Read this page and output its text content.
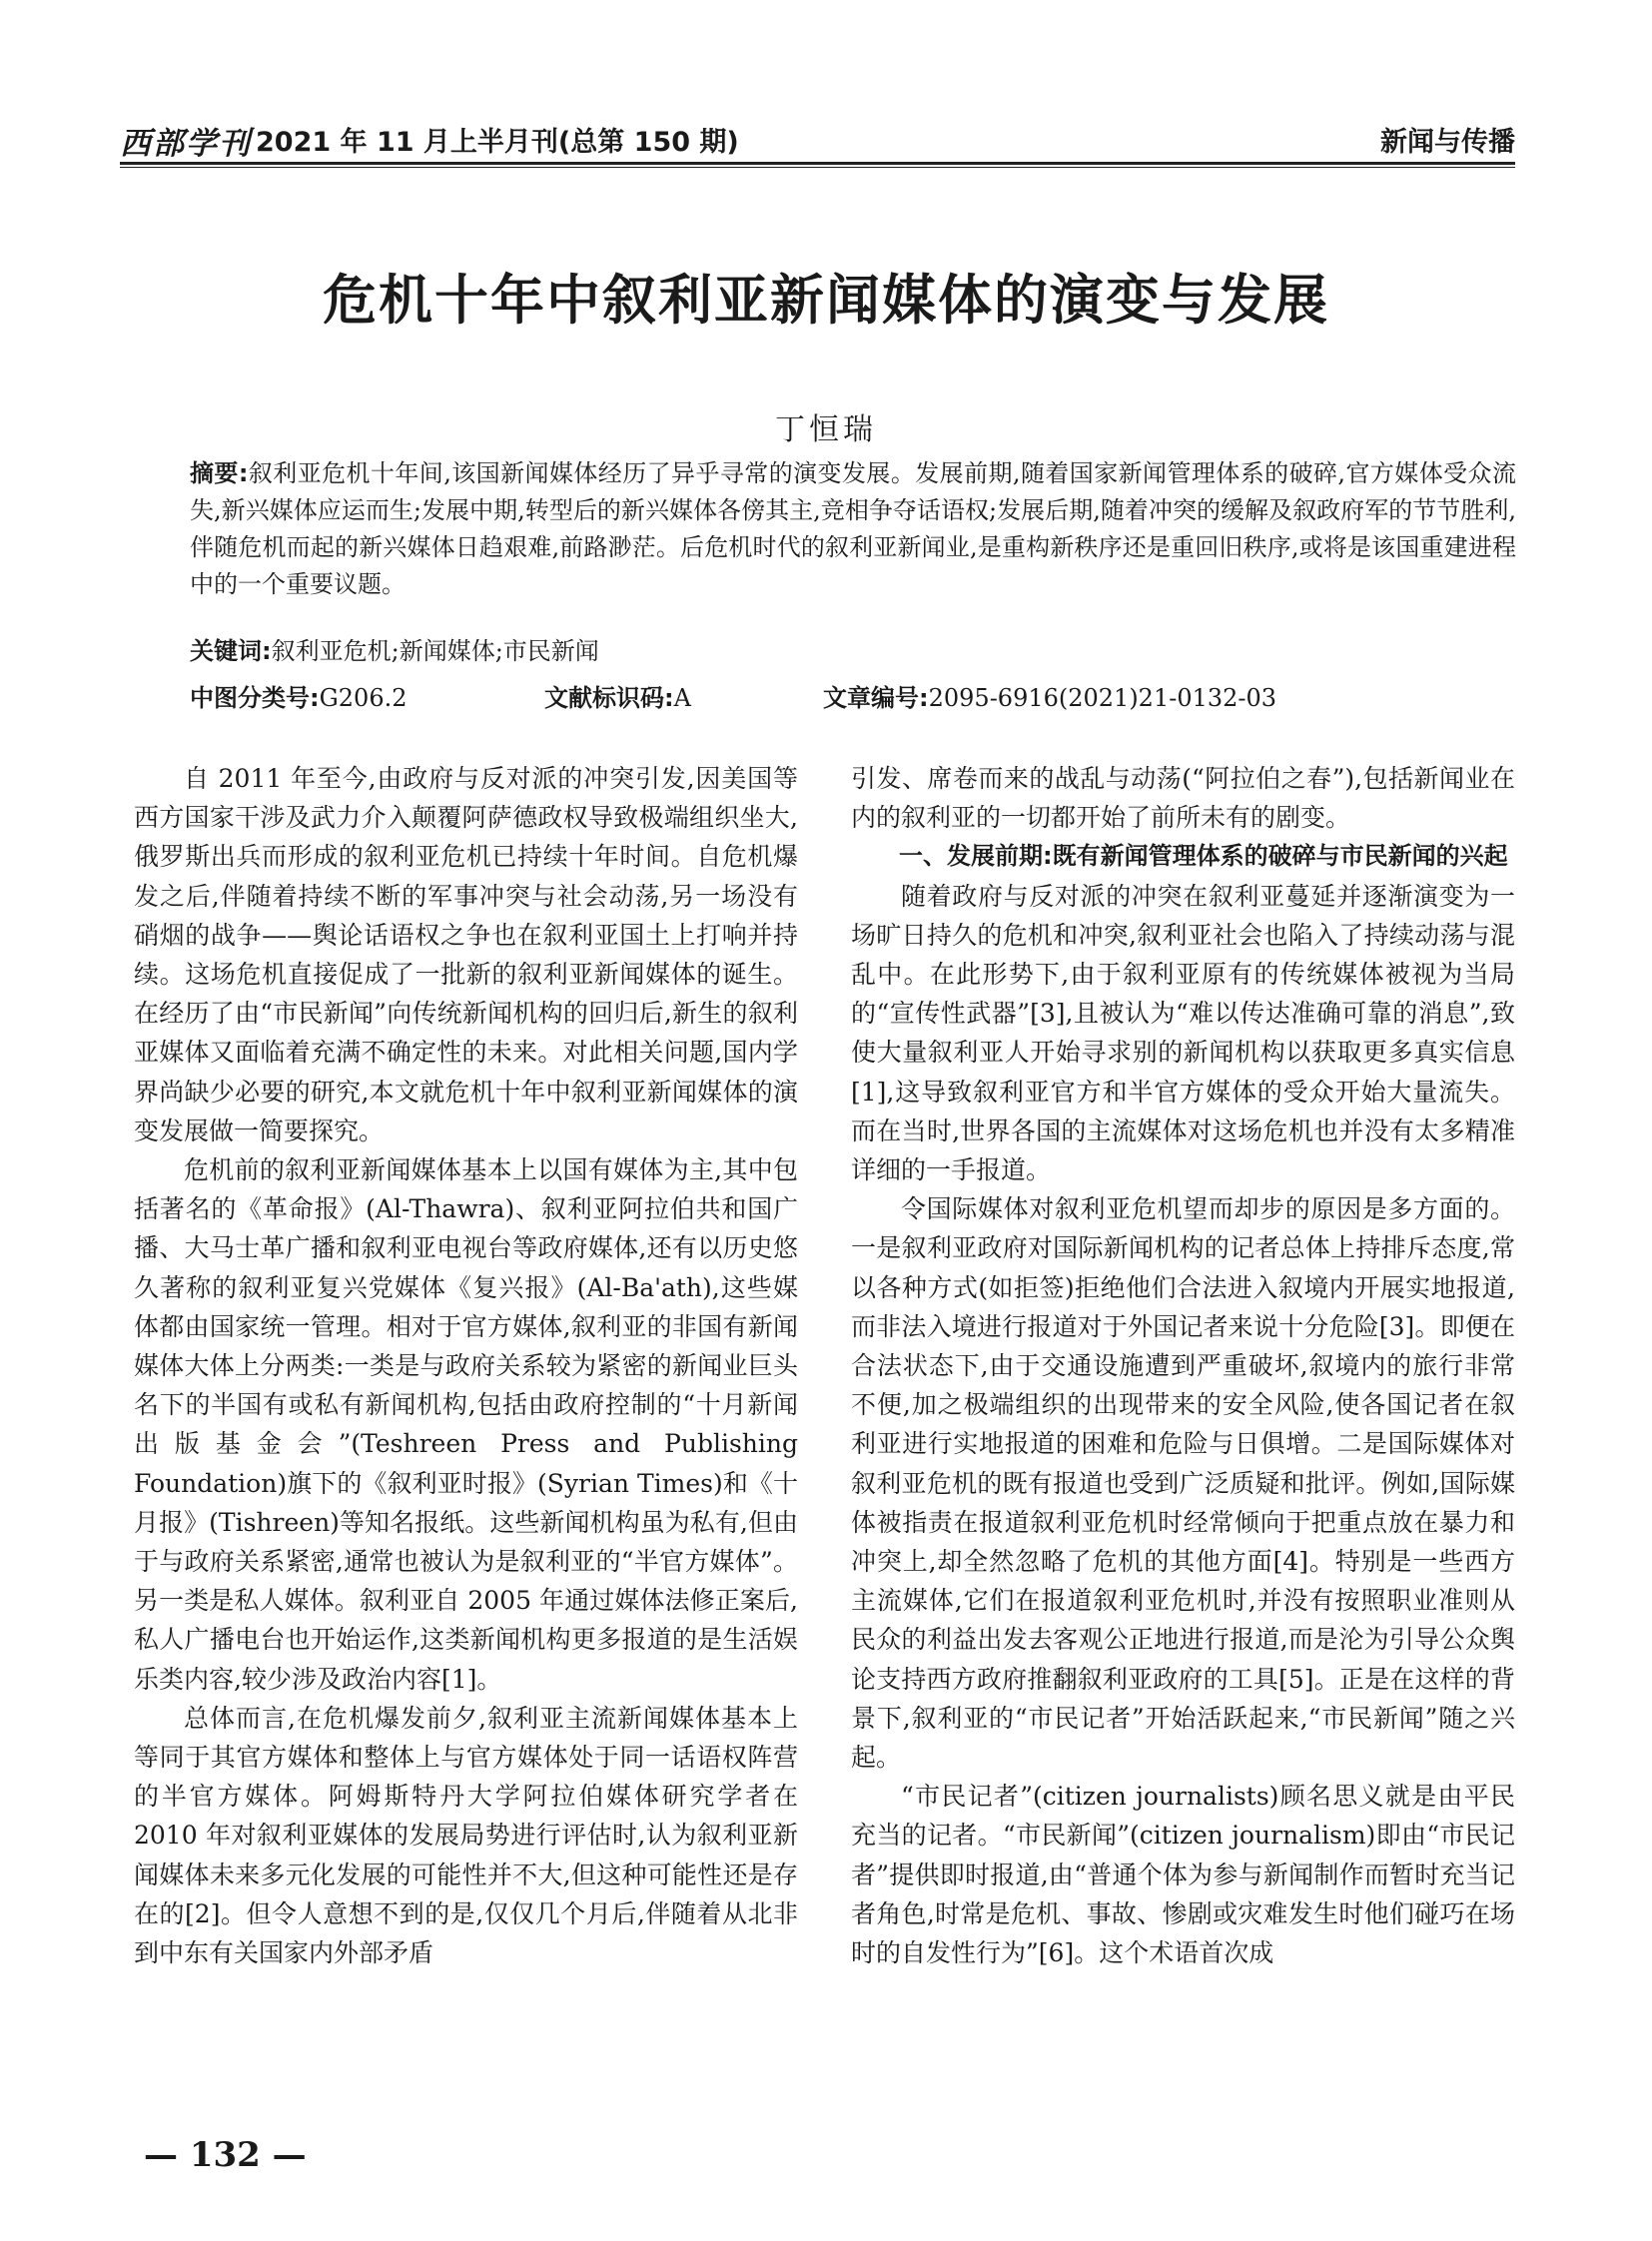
西部学刊 2021 年 11 月上半月刊(总第 150 期)	新闻与传播
危机十年中叙利亚新闻媒体的演变与发展
丁恒瑞
摘要:叙利亚危机十年间,该国新闻媒体经历了异乎寻常的演变发展。发展前期,随着国家新闻管理体系的破碎,官方媒体受众流失,新兴媒体应运而生;发展中期,转型后的新兴媒体各傍其主,竞相争夺话语权;发展后期,随着冲突的缓解及叙政府军的节节胜利,伴随危机而起的新兴媒体日趋艰难,前路渺茫。后危机时代的叙利亚新闻业,是重构新秩序还是重回旧秩序,或将是该国重建进程中的一个重要议题。
关键词:叙利亚危机;新闻媒体;市民新闻
中图分类号:G206.2	文献标识码:A	文章编号:2095-6916(2021)21-0132-03

自 2011 年至今,由政府与反对派的冲突引发,因美国等西方国家干涉及武力介入颠覆阿萨德政权导致极端组织坐大,俄罗斯出兵而形成的叙利亚危机已持续十年时间。自危机爆发之后,伴随着持续不断的军事冲突与社会动荡,另一场没有硝烟的战争——舆论话语权之争也在叙利亚国土上打响并持续。这场危机直接促成了一批新的叙利亚新闻媒体的诞生。在经历了由“市民新闻”向传统新闻机构的回归后,新生的叙利亚媒体又面临着充满不确定性的未来。对此相关问题,国内学界尚缺少必要的研究,本文就危机十年中叙利亚新闻媒体的演变发展做一简要探究。

危机前的叙利亚新闻媒体基本上以国有媒体为主,其中包括著名的《革命报》(Al-Thawra)、叙利亚阿拉伯共和国广播、大马士革广播和叙利亚电视台等政府媒体,还有以历史悠久著称的叙利亚复兴党媒体《复兴报》(Al-Ba'ath),这些媒体都由国家统一管理。相对于官方媒体,叙利亚的非国有新闻媒体大体上分两类:一类是与政府关系较为紧密的新闻业巨头名下的半国有或私有新闻机构,包括由政府控制的“十月新闻出版基金会”(Teshreen Press and Publishing Foundation)旗下的《叙利亚时报》(Syrian Times)和《十月报》(Tishreen)等知名报纸。这些新闻机构虽为私有,但由于与政府关系紧密,通常也被认为是叙利亚的“半官方媒体”。另一类是私人媒体。叙利亚自 2005 年通过媒体法修正案后,私人广播电台也开始运作,这类新闻机构更多报道的是生活娱乐类内容,较少涉及政治内容[1]。

总体而言,在危机爆发前夕,叙利亚主流新闻媒体基本上等同于其官方媒体和整体上与官方媒体处于同一话语权阵营的半官方媒体。阿姆斯特丹大学阿拉伯媒体研究学者在 2010 年对叙利亚媒体的发展局势进行评估时,认为叙利亚新闻媒体未来多元化发展的可能性并不大,但这种可能性还是存在的[2]。但令人意想不到的是,仅仅几个月后,伴随着从北非到中东有关国家内外部矛盾

引发、席卷而来的战乱与动荡(“阿拉伯之春”),包括新闻业在内的叙利亚的一切都开始了前所未有的剧变。

一、发展前期:既有新闻管理体系的破碎与市民新闻的兴起

随着政府与反对派的冲突在叙利亚蔓延并逐渐演变为一场旷日持久的危机和冲突,叙利亚社会也陷入了持续动荡与混乱中。在此形势下,由于叙利亚原有的传统媒体被视为当局的“宣传性武器”[3],且被认为“难以传达准确可靠的消息”,致使大量叙利亚人开始寻求别的新闻机构以获取更多真实信息[1],这导致叙利亚官方和半官方媒体的受众开始大量流失。而在当时,世界各国的主流媒体对这场危机也并没有太多精准详细的一手报道。

令国际媒体对叙利亚危机望而却步的原因是多方面的。一是叙利亚政府对国际新闻机构的记者总体上持排斥态度,常以各种方式(如拒签)拒绝他们合法进入叙境内开展实地报道,而非法入境进行报道对于外国记者来说十分危险[3]。即便在合法状态下,由于交通设施遭到严重破坏,叙境内的旅行非常不便,加之极端组织的出现带来的安全风险,使各国记者在叙利亚进行实地报道的困难和危险与日俱增。二是国际媒体对叙利亚危机的既有报道也受到广泛质疑和批评。例如,国际媒体被指责在报道叙利亚危机时经常倾向于把重点放在暴力和冲突上,却全然忽略了危机的其他方面[4]。特别是一些西方主流媒体,它们在报道叙利亚危机时,并没有按照职业准则从民众的利益出发去客观公正地进行报道,而是沦为引导公众舆论支持西方政府推翻叙利亚政府的工具[5]。正是在这样的背景下,叙利亚的“市民记者”开始活跃起来,“市民新闻”随之兴起。

“市民记者”(citizen journalists)顾名思义就是由平民充当的记者。“市民新闻”(citizen journalism)即由“市民记者”提供即时报道,由“普通个体为参与新闻制作而暂时充当记者角色,时常是危机、事故、惨剧或灾难发生时他们碰巧在场时的自发性行为”[6]。这个术语首次成

— 132 —
